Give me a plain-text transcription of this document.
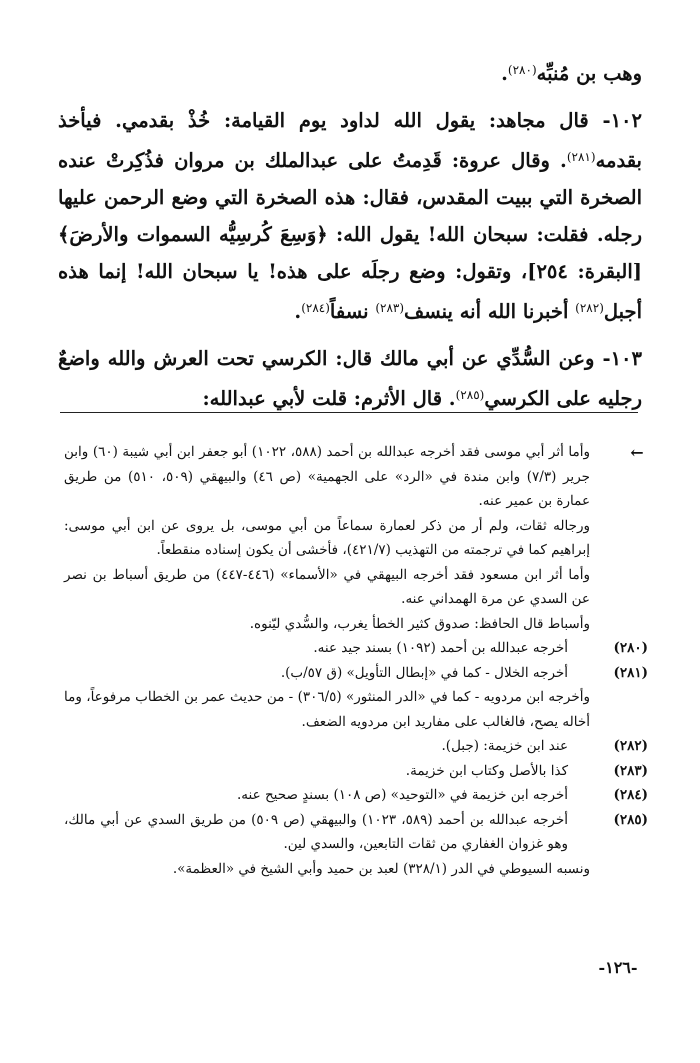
وهب بن مُنبِّه$^{(٢٨٠)}$.

١٠٢- قال مجاهد: يقول الله لداود يوم القيامة: خُذْ بقدمي. فيأخذ بقدمه$^{(٢٨١)}$. وقال عروة: قَدِمتُ على عبدالملك بن مروان فذُكِرتْ عنده الصخرة التي ببيت المقدس، فقال: هذه الصخرة التي وضع الرحمن عليها رجله. فقلت: سبحان الله! يقول الله: ﴿وَسِعَ كُرسِيُّه السموات والأرضَ﴾ [البقرة: ٢٥٤]، وتقول: وضع رجلَه على هذه! يا سبحان الله! إنما هذه أجبل$^{(٢٨٢)}$ أخبرنا الله أنه ينسف$^{(٢٨٣)}$ نسفاً$^{(٢٨٤)}$.

١٠٣- وعن السُّدِّي عن أبي مالك قال: الكرسي تحت العرش والله واضعٌ رجليه على الكرسي$^{(٢٨٥)}$. قال الأثرم: قلت لأبي عبدالله:

←

وأما أثر أبي موسى فقد أخرجه عبدالله بن أحمد (٥٨٨، ١٠٢٢) أبو جعفر ابن أبي شيبة (٦٠) وابن جرير (٧/٣) وابن مندة في «الرد» على الجهمية» (ص ٤٦) والبيهقي (٥٠٩، ٥١٠) من طريق عمارة بن عمير عنه.

ورجاله ثقات، ولم أر من ذكر لعمارة سماعاً من أبي موسى، بل يروى عن ابن أبي موسى: إبراهيم كما في ترجمته من التهذيب (٤٢١/٧)، فأخشى أن يكون إسناده منقطعاً.

وأما أثر ابن مسعود فقد أخرجه البيهقي في «الأسماء» (٤٤٦-٤٤٧) من طريق أسباط بن نصر عن السدي عن مرة الهمداني عنه.

وأسباط قال الحافظ: صدوق كثير الخطأ يغرب، والسُّدي ليّنوه.

(٢٨٠)
أخرجه عبدالله بن أحمد (١٠٩٢) بسند جيد عنه.
(٢٨١)
أخرجه الخلال - كما في «إبطال التأويل» (ق ٥٧/ب).

وأخرجه ابن مردويه - كما في «الدر المنثور» (٣٠٦/٥) - من حديث عمر بن الخطاب مرفوعاً، وما أخاله يصح، فالغالب على مفاريد ابن مردويه الضعف.

(٢٨٢)
عند ابن خزيمة: (جبل).
(٢٨٣)
كذا بالأصل وكتاب ابن خزيمة.
(٢٨٤)
أخرجه ابن خزيمة في «التوحيد» (ص ١٠٨) بسندٍ صحيح عنه.
(٢٨٥)
أخرجه عبدالله بن أحمد (٥٨٩، ١٠٢٣) والبيهقي (ص ٥٠٩) من طريق السدي عن أبي مالك، وهو غزوان الغفاري من ثقات التابعين، والسدي لين.

ونسبه السيوطي في الدر (٣٢٨/١) لعبد بن حميد وأبي الشيخ في «العظمة».

-١٢٦-
